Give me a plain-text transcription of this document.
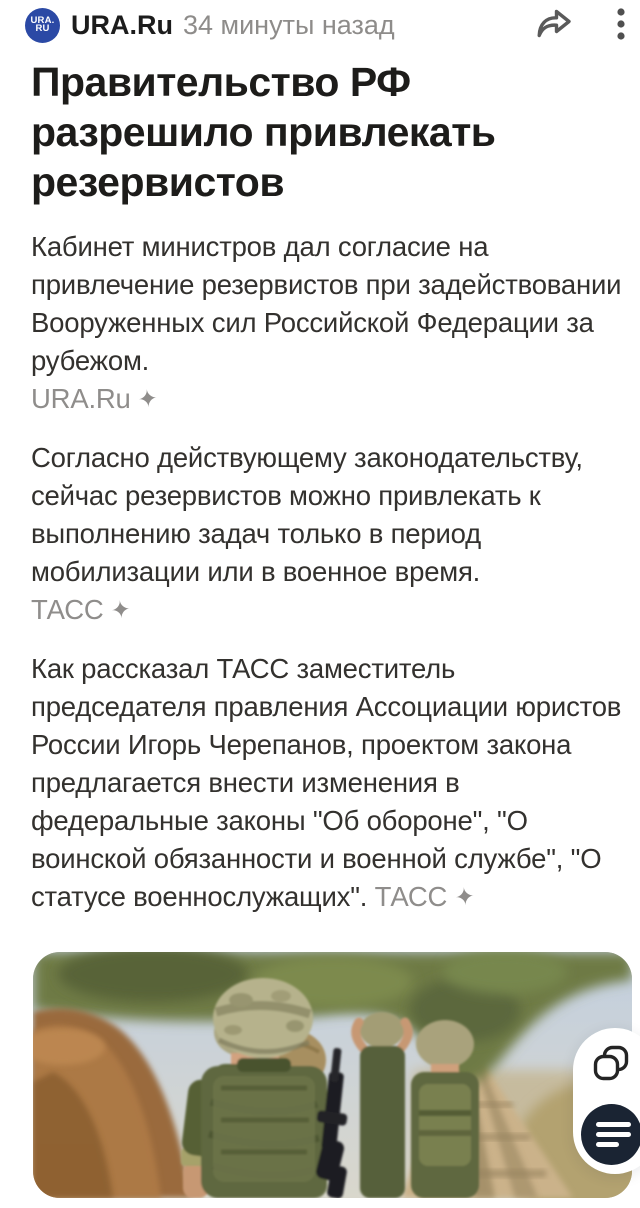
URA.
RU URA.Ru 34 минуты назад
Правительство РФ разрешило привлекать резервистов

Кабинет министров дал согласие на привлечение резервистов при задействовании Вооруженных сил Российской Федерации за рубежом.
URA.Ru ✦

Согласно действующему законодательству, сейчас резервистов можно привлекать к выполнению задач только в период мобилизации или в военное время.
ТАСС ✦

Как рассказал ТАСС заместитель председателя правления Ассоциации юристов России Игорь Черепанов, проектом закона предлагается внести изменения в федеральные законы "Об обороне", "О воинской обязанности и военной службе", "О статусе военнослужащих". ТАСС ✦
